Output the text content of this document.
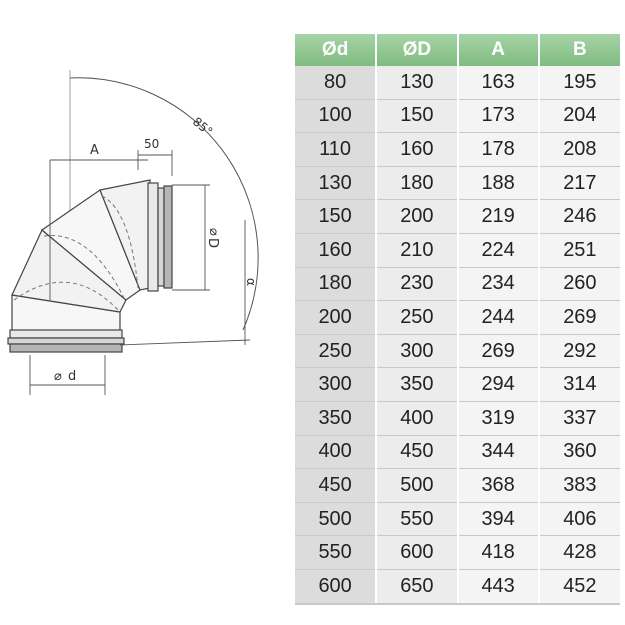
A	50
85°
⌀
D
α
⌀ d
Ød	ØD	A	B
80	130	163	195
100	150	173	204
110	160	178	208
130	180	188	217
150	200	219	246
160	210	224	251
180	230	234	260
200	250	244	269
250	300	269	292
300	350	294	314
350	400	319	337
400	450	344	360
450	500	368	383
500	550	394	406
550	600	418	428
600	650	443	452
